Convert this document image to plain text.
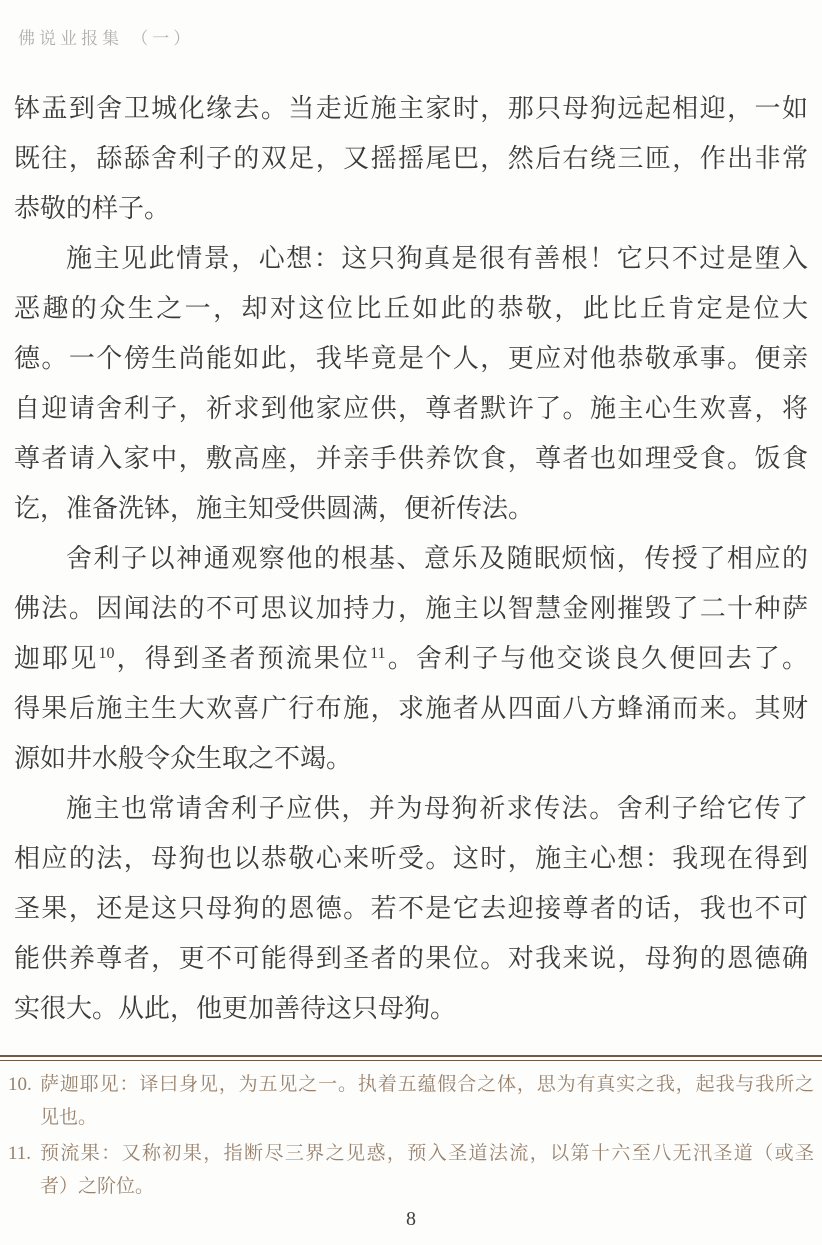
佛说业报集 （一）
钵盂到舍卫城化缘去。当走近施主家时，那只母狗远起相迎，一如
既往，舔舔舍利子的双足，又摇摇尾巴，然后右绕三匝，作出非常
恭敬的样子。
施主见此情景，心想：这只狗真是很有善根！它只不过是堕入
恶趣的众生之一，却对这位比丘如此的恭敬，此比丘肯定是位大
德。一个傍生尚能如此，我毕竟是个人，更应对他恭敬承事。便亲
自迎请舍利子，祈求到他家应供，尊者默许了。施主心生欢喜，将
尊者请入家中，敷高座，并亲手供养饮食，尊者也如理受食。饭食
讫，准备洗钵，施主知受供圆满，便祈传法。
舍利子以神通观察他的根基、意乐及随眠烦恼，传授了相应的
佛法。因闻法的不可思议加持力，施主以智慧金刚摧毁了二十种萨
迦耶见$^{10}$，得到圣者预流果位$^{11}$。舍利子与他交谈良久便回去了。
得果后施主生大欢喜广行布施，求施者从四面八方蜂涌而来。其财
源如井水般令众生取之不竭。
施主也常请舍利子应供，并为母狗祈求传法。舍利子给它传了
相应的法，母狗也以恭敬心来听受。这时，施主心想：我现在得到
圣果，还是这只母狗的恩德。若不是它去迎接尊者的话，我也不可
能供养尊者，更不可能得到圣者的果位。对我来说，母狗的恩德确
实很大。从此，他更加善待这只母狗。
10. 萨迦耶见：译曰身见，为五见之一。执着五蕴假合之体，思为有真实之我，起我与我所之
见也。
11. 预流果：又称初果，指断尽三界之见惑，预入圣道法流，以第十六至八无汛圣道（或圣
者）之阶位。
8
